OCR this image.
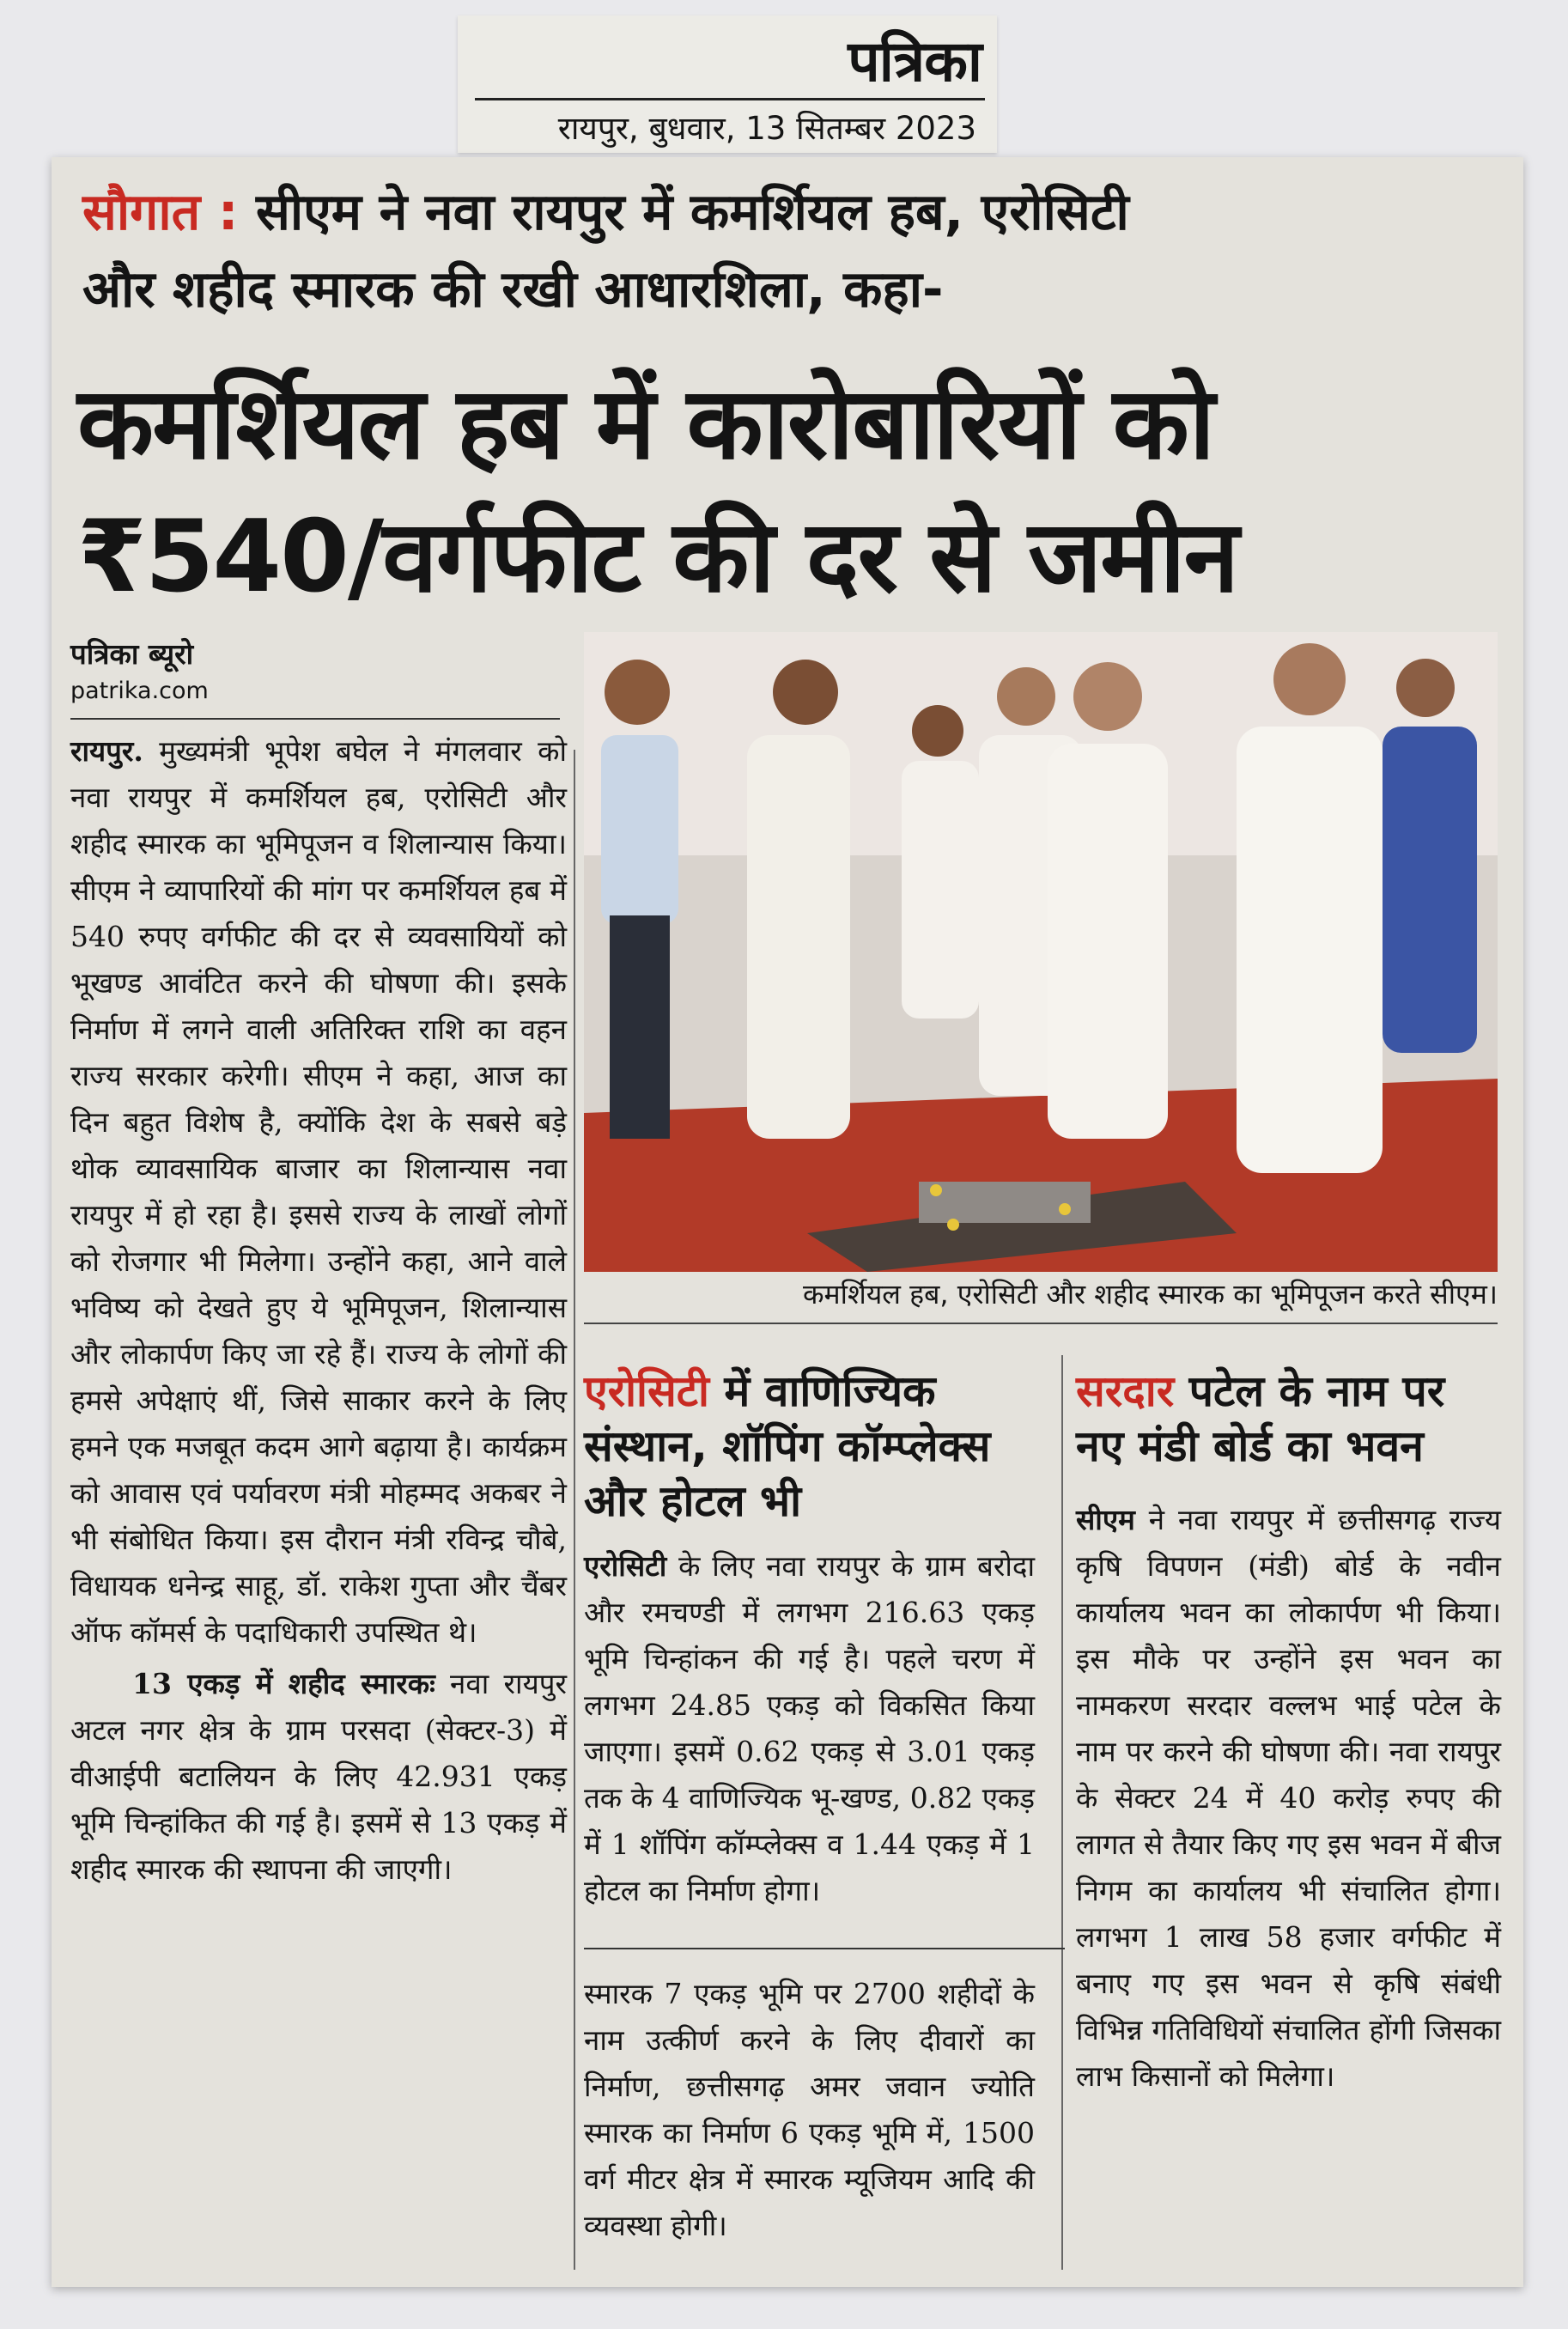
पत्रिका
रायपुर, बुधवार, 13 सितम्बर 2023
सौगात : सीएम ने नवा रायपुर में कमर्शियल हब, एरोसिटी
और शहीद स्मारक की रखी आधारशिला, कहा-
कमर्शियल हब में कारोबारियों को
₹540/वर्गफीट की दर से जमीन
पत्रिका ब्यूरो
patrika.com

रायपुर. मुख्यमंत्री भूपेश बघेल ने मंगलवार को नवा रायपुर में कमर्शियल हब, एरोसिटी और शहीद स्मारक का भूमिपूजन व शिलान्यास किया। सीएम ने व्यापारियों की मांग पर कमर्शियल हब में 540 रुपए वर्गफीट की दर से व्यवसायियों को भूखण्ड आवंटित करने की घोषणा की। इसके निर्माण में लगने वाली अतिरिक्त राशि का वहन राज्य सरकार करेगी। सीएम ने कहा, आज का दिन बहुत विशेष है, क्योंकि देश के सबसे बड़े थोक व्यावसायिक बाजार का शिलान्यास नवा रायपुर में हो रहा है। इससे राज्य के लाखों लोगों को रोजगार भी मिलेगा। उन्होंने कहा, आने वाले भविष्य को देखते हुए ये भूमिपूजन, शिलान्यास और लोकार्पण किए जा रहे हैं। राज्य के लोगों की हमसे अपेक्षाएं थीं, जिसे साकार करने के लिए हमने एक मजबूत कदम आगे बढ़ाया है। कार्यक्रम को आवास एवं पर्यावरण मंत्री मोहम्मद अकबर ने भी संबोधित किया। इस दौरान मंत्री रविन्द्र चौबे, विधायक धनेन्द्र साहू, डॉ. राकेश गुप्ता और चैंबर ऑफ कॉमर्स के पदाधिकारी उपस्थित थे।

13 एकड़ में शहीद स्मारकः नवा रायपुर अटल नगर क्षेत्र के ग्राम परसदा (सेक्टर-3) में वीआईपी बटालियन के लिए 42.931 एकड़ भूमि चिन्हांकित की गई है। इसमें से 13 एकड़ में शहीद स्मारक की स्थापना की जाएगी।

कमर्शियल हब, एरोसिटी और शहीद स्मारक का भूमिपूजन करते सीएम।
एरोसिटी में वाणिज्यिक संस्थान, शॉपिंग कॉम्प्लेक्स और होटल भी
एरोसिटी के लिए नवा रायपुर के ग्राम बरोदा और रमचण्डी में लगभग 216.63 एकड़ भूमि चिन्हांकन की गई है। पहले चरण में लगभग 24.85 एकड़ को विकसित किया जाएगा। इसमें 0.62 एकड़ से 3.01 एकड़ तक के 4 वाणिज्यिक भू-खण्ड, 0.82 एकड़ में 1 शॉपिंग कॉम्प्लेक्स व 1.44 एकड़ में 1 होटल का निर्माण होगा।
स्मारक 7 एकड़ भूमि पर 2700 शहीदों के नाम उत्कीर्ण करने के लिए दीवारों का निर्माण, छत्तीसगढ़ अमर जवान ज्योति स्मारक का निर्माण 6 एकड़ भूमि में, 1500 वर्ग मीटर क्षेत्र में स्मारक म्यूजियम आदि की व्यवस्था होगी।
सरदार पटेल के नाम पर नए मंडी बोर्ड का भवन
सीएम ने नवा रायपुर में छत्तीसगढ़ राज्य कृषि विपणन (मंडी) बोर्ड के नवीन कार्यालय भवन का लोकार्पण भी किया। इस मौके पर उन्होंने इस भवन का नामकरण सरदार वल्लभ भाई पटेल के नाम पर करने की घोषणा की। नवा रायपुर के सेक्टर 24 में 40 करोड़ रुपए की लागत से तैयार किए गए इस भवन में बीज निगम का कार्यालय भी संचालित होगा। लगभग 1 लाख 58 हजार वर्गफीट में बनाए गए इस भवन से कृषि संबंधी विभिन्न गतिविधियों संचालित होंगी जिसका लाभ किसानों को मिलेगा।
